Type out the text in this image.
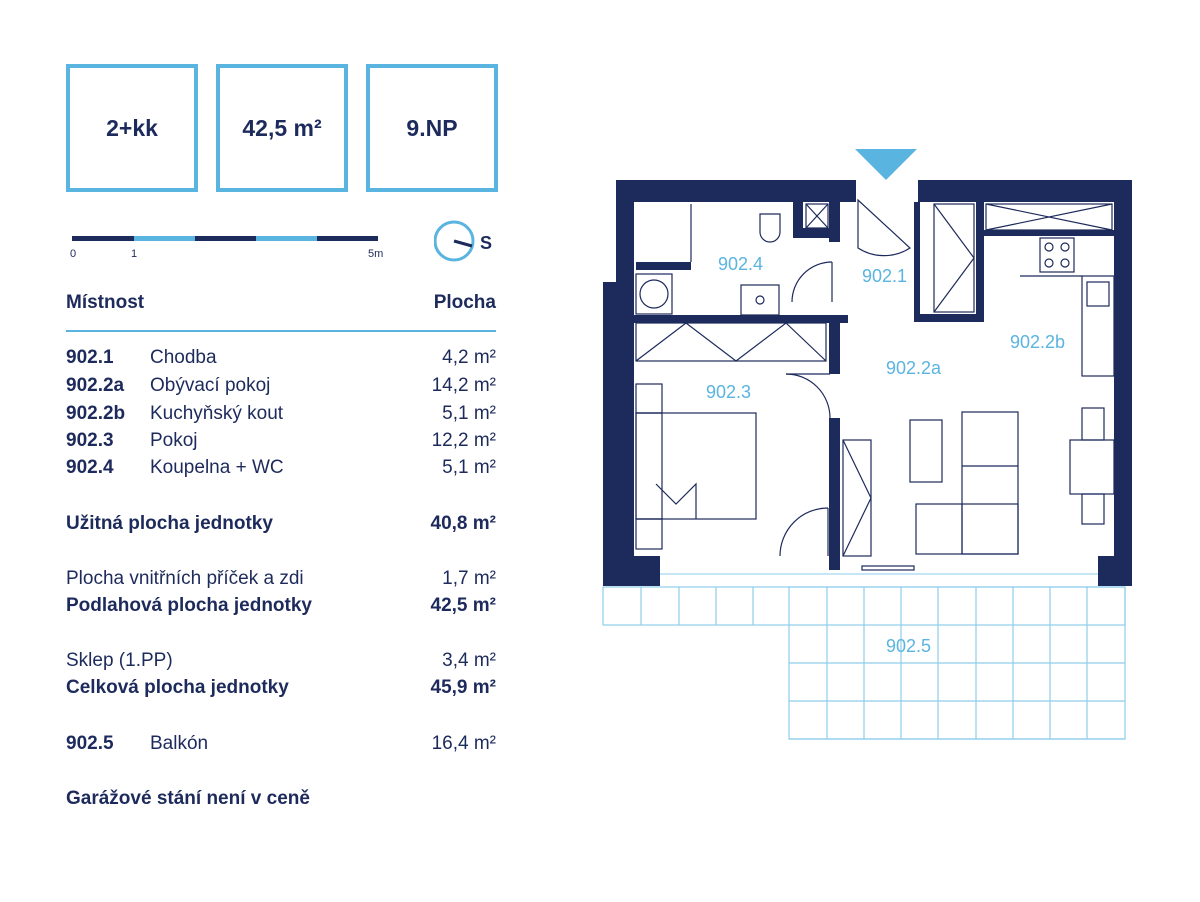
2+kk	42,5 m²	9.NP
0	1	5m
S
Místnost	Plocha
902.1 Chodba	4,2 m²
902.2a Obývací pokoj	14,2 m²
902.2b Kuchyňský kout	5,1 m²
902.3 Pokoj	12,2 m²
902.4 Koupelna + WC	5,1 m²
Užitná plocha jednotky	40,8 m²
Plocha vnitřních příček a zdi	1,7 m²
Podlahová plocha jednotky	42,5 m²
Sklep (1.PP)	3,4 m²
Celková plocha jednotky	45,9 m²
902.5 Balkón	16,4 m²
Garážové stání není v ceně
902.1
902.2a
902.2b
902.3
902.4
902.5
